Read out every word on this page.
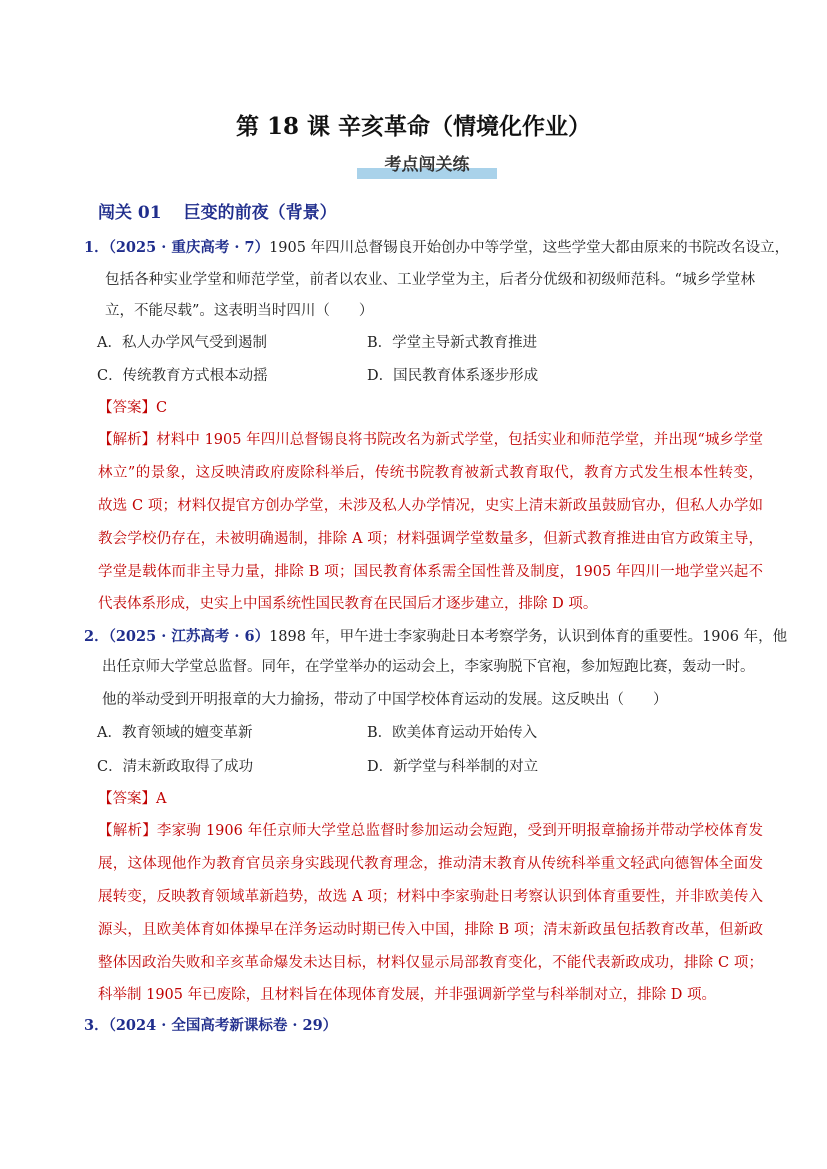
第 18 课 辛亥革命（情境化作业）
考点闯关练
闯关 01 巨变的前夜（背景）
1．（2025 · 重庆高考 · 7）1905 年四川总督锡良开始创办中等学堂，这些学堂大都由原来的书院改名设立，
包括各种实业学堂和师范学堂，前者以农业、工业学堂为主，后者分优级和初级师范科。“城乡学堂林
立，不能尽载”。这表明当时四川（　　）
A．私人办学风气受到遏制	B．学堂主导新式教育推进
C．传统教育方式根本动摇	D．国民教育体系逐步形成
【答案】C
【解析】材料中 1905 年四川总督锡良将书院改名为新式学堂，包括实业和师范学堂，并出现“城乡学堂
林立”的景象，这反映清政府废除科举后，传统书院教育被新式教育取代，教育方式发生根本性转变，
故选 C 项；材料仅提官方创办学堂，未涉及私人办学情况，史实上清末新政虽鼓励官办，但私人办学如
教会学校仍存在，未被明确遏制，排除 A 项；材料强调学堂数量多，但新式教育推进由官方政策主导，
学堂是载体而非主导力量，排除 B 项；国民教育体系需全国性普及制度，1905 年四川一地学堂兴起不
代表体系形成，史实上中国系统性国民教育在民国后才逐步建立，排除 D 项。
2．（2025 · 江苏高考 · 6）1898 年，甲午进士李家驹赴日本考察学务，认识到体育的重要性。1906 年，他
出任京师大学堂总监督。同年，在学堂举办的运动会上，李家驹脱下官袍，参加短跑比赛，轰动一时。
他的举动受到开明报章的大力揄扬，带动了中国学校体育运动的发展。这反映出（　　）
A．教育领域的嬗变革新	B．欧美体育运动开始传入
C．清末新政取得了成功	D．新学堂与科举制的对立
【答案】A
【解析】李家驹 1906 年任京师大学堂总监督时参加运动会短跑，受到开明报章揄扬并带动学校体育发
展，这体现他作为教育官员亲身实践现代教育理念，推动清末教育从传统科举重文轻武向德智体全面发
展转变，反映教育领域革新趋势，故选 A 项；材料中李家驹赴日考察认识到体育重要性，并非欧美传入
源头，且欧美体育如体操早在洋务运动时期已传入中国，排除 B 项；清末新政虽包括教育改革，但新政
整体因政治失败和辛亥革命爆发未达目标，材料仅显示局部教育变化，不能代表新政成功，排除 C 项；
科举制 1905 年已废除，且材料旨在体现体育发展，并非强调新学堂与科举制对立，排除 D 项。
3．（2024 · 全国高考新课标卷 · 29）
